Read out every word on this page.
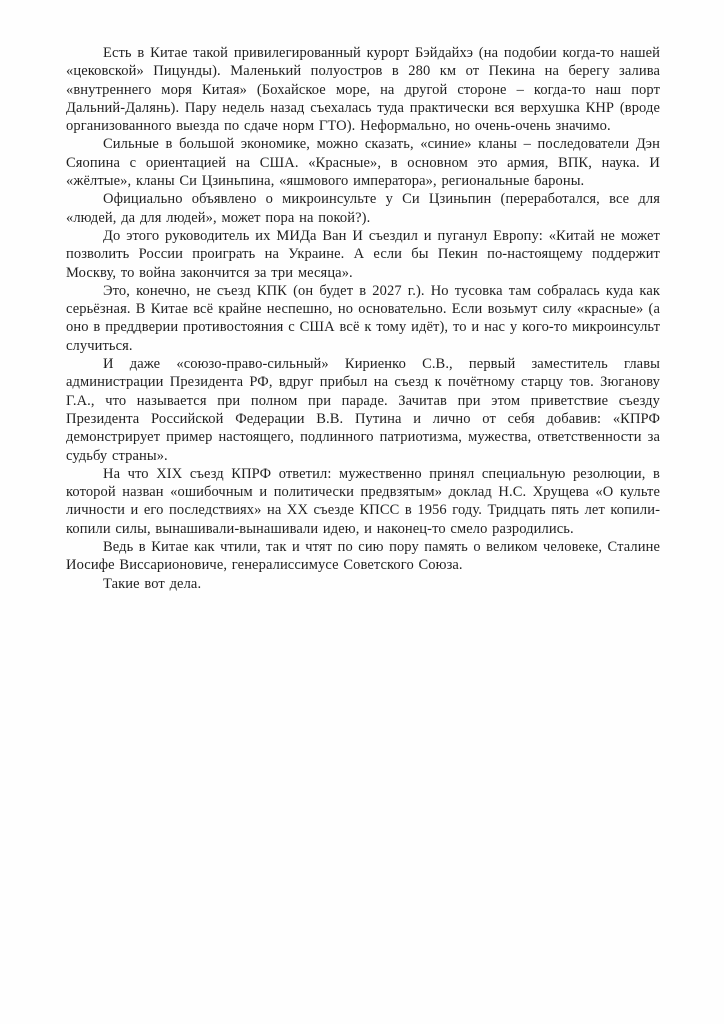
Есть в Китае такой привилегированный курорт Бэйдайхэ (на подобии когда-то нашей «цековской» Пицунды). Маленький полуостров в 280 км от Пекина на берегу залива «внутреннего моря Китая» (Бохайское море, на другой стороне – когда-то наш порт Дальний-Далянь). Пару недель назад съехалась туда практически вся верхушка КНР (вроде организованного выезда по сдаче норм ГТО). Неформально, но очень-очень значимо.

Сильные в большой экономике, можно сказать, «синие» кланы – последователи Дэн Сяопина с ориентацией на США. «Красные», в основном это армия, ВПК, наука. И «жёлтые», кланы Си Цзиньпина, «яшмового императора», региональные бароны.

Официально объявлено о микроинсульте у Си Цзиньпин (переработался, все для «людей, да для людей», может пора на покой?).

До этого руководитель их МИДа Ван И съездил и пуганул Европу: «Китай не может позволить России проиграть на Украине. А если бы Пекин по-настоящему поддержит Москву, то война закончится за три месяца».

Это, конечно, не съезд КПК (он будет в 2027 г.). Но тусовка там собралась куда как серьёзная. В Китае всё крайне неспешно, но основательно. Если возьмут силу «красные» (а оно в преддверии противостояния с США всё к тому идёт), то и нас у кого-то микроинсульт случиться.

И даже «союзо-право-сильный» Кириенко С.В., первый заместитель главы администрации Президента РФ, вдруг прибыл на съезд к почётному старцу тов. Зюганову Г.А., что называется при полном при параде. Зачитав при этом приветствие съезду Президента Российской Федерации В.В. Путина и лично от себя добавив: «КПРФ демонстрирует пример настоящего, подлинного патриотизма, мужества, ответственности за судьбу страны».

На что XIX съезд КПРФ ответил: мужественно принял специальную резолюции, в которой назван «ошибочным и политически предвзятым» доклад Н.С. Хрущева «О культе личности и его последствиях» на XX съезде КПСС в 1956 году. Тридцать пять лет копили-копили силы, вынашивали-вынашивали идею, и наконец-то смело разродились.

Ведь в Китае как чтили, так и чтят по сию пору память о великом человеке, Сталине Иосифе Виссарионовиче, генералиссимусе Советского Союза.

Такие вот дела.
